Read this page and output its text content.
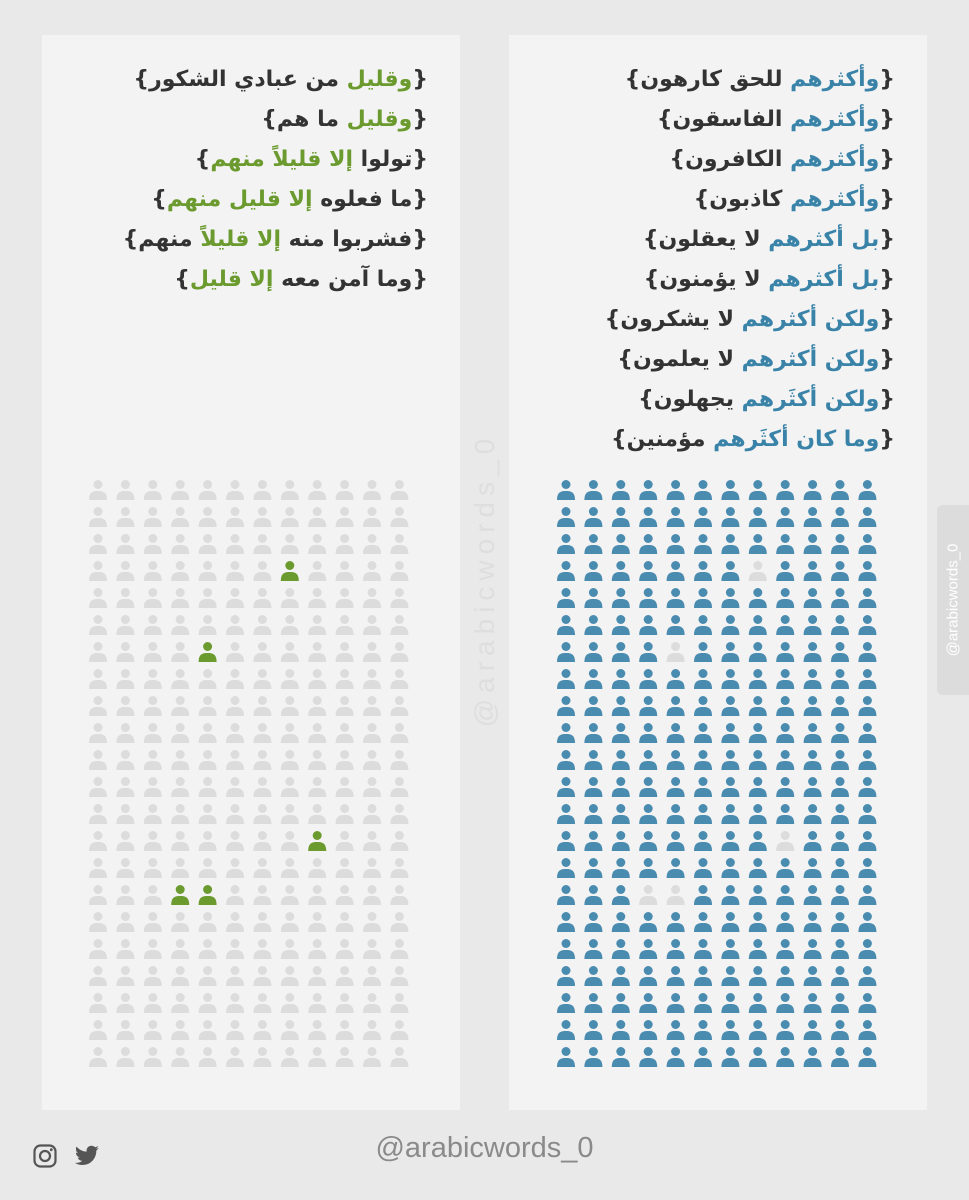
{وقليل من عبادي الشكور}
{وقليل ما هم}
{تولوا إلا قليلاً منهم}
{ما فعلوه إلا قليل منهم}
{فشربوا منه إلا قليلاً منهم}
{وما آمن معه إلا قليل}
{وأكثرهم للحق كارهون}
{وأكثرهم الفاسقون}
{وأكثرهم الكافرون}
{وأكثرهم كاذبون}
{بل أكثرهم لا يعقلون}
{بل أكثرهم لا يؤمنون}
{ولكن أكثرهم لا يشكرون}
{ولكن أكثرهم لا يعلمون}
{ولكن أكثَرهم يجهلون}
{وما كان أكثَرهم مؤمنين}
@arabicwords_0	@arabicwords_0
@arabicwords_0
